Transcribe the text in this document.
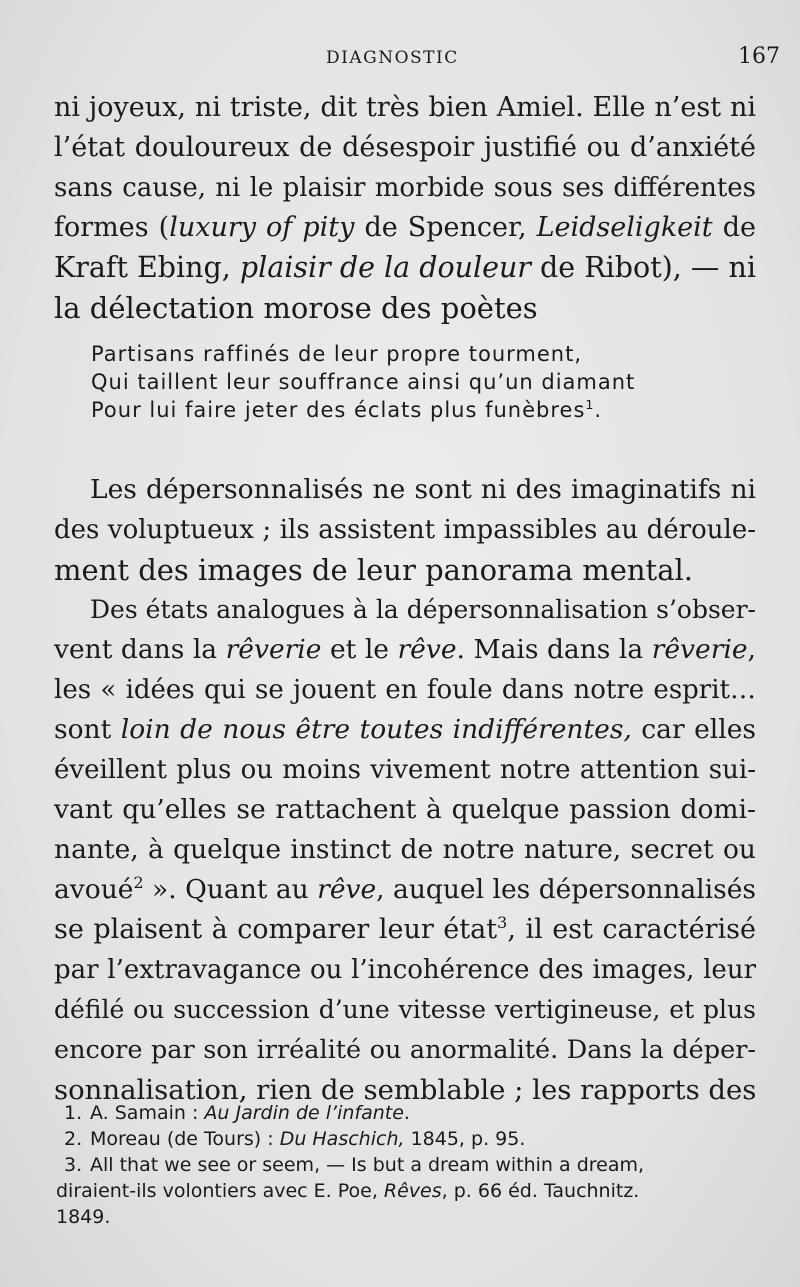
DIAGNOSTIC	167
ni joyeux, ni triste, dit très bien Amiel. Elle n’est ni
l’état douloureux de désespoir justifié ou d’anxiété
sans cause, ni le plaisir morbide sous ses différentes
formes (luxury of pity de Spencer, Leidseligkeit de
Kraft Ebing, plaisir de la douleur de Ribot), — ni
la délectation morose des poètes
Partisans raffinés de leur propre tourment,
Qui taillent leur souffrance ainsi qu’un diamant
Pour lui faire jeter des éclats plus funèbres$^1$.
Les dépersonnalisés ne sont ni des imaginatifs ni
des voluptueux ; ils assistent impassibles au déroule-
ment des images de leur panorama mental.
Des états analogues à la dépersonnalisation s’obser-
vent dans la rêverie et le rêve. Mais dans la rêverie,
les « idées qui se jouent en foule dans notre esprit…
sont loin de nous être toutes indifférentes, car elles
éveillent plus ou moins vivement notre attention sui-
vant qu’elles se rattachent à quelque passion domi-
nante, à quelque instinct de notre nature, secret ou
avoué$^2$ ». Quant au rêve, auquel les dépersonnalisés
se plaisent à comparer leur état$^3$, il est caractérisé
par l’extravagance ou l’incohérence des images, leur
défilé ou succession d’une vitesse vertigineuse, et plus
encore par son irréalité ou anormalité. Dans la déper-
sonnalisation, rien de semblable ; les rapports des
1. A. Samain : Au Jardin de l’infante.
2. Moreau (de Tours) : Du Haschich, 1845, p. 95.
3. All that we see or seem, — Is but a dream within a dream,
diraient-ils volontiers avec E. Poe, Rêves, p. 66 éd. Tauchnitz.
1849.
